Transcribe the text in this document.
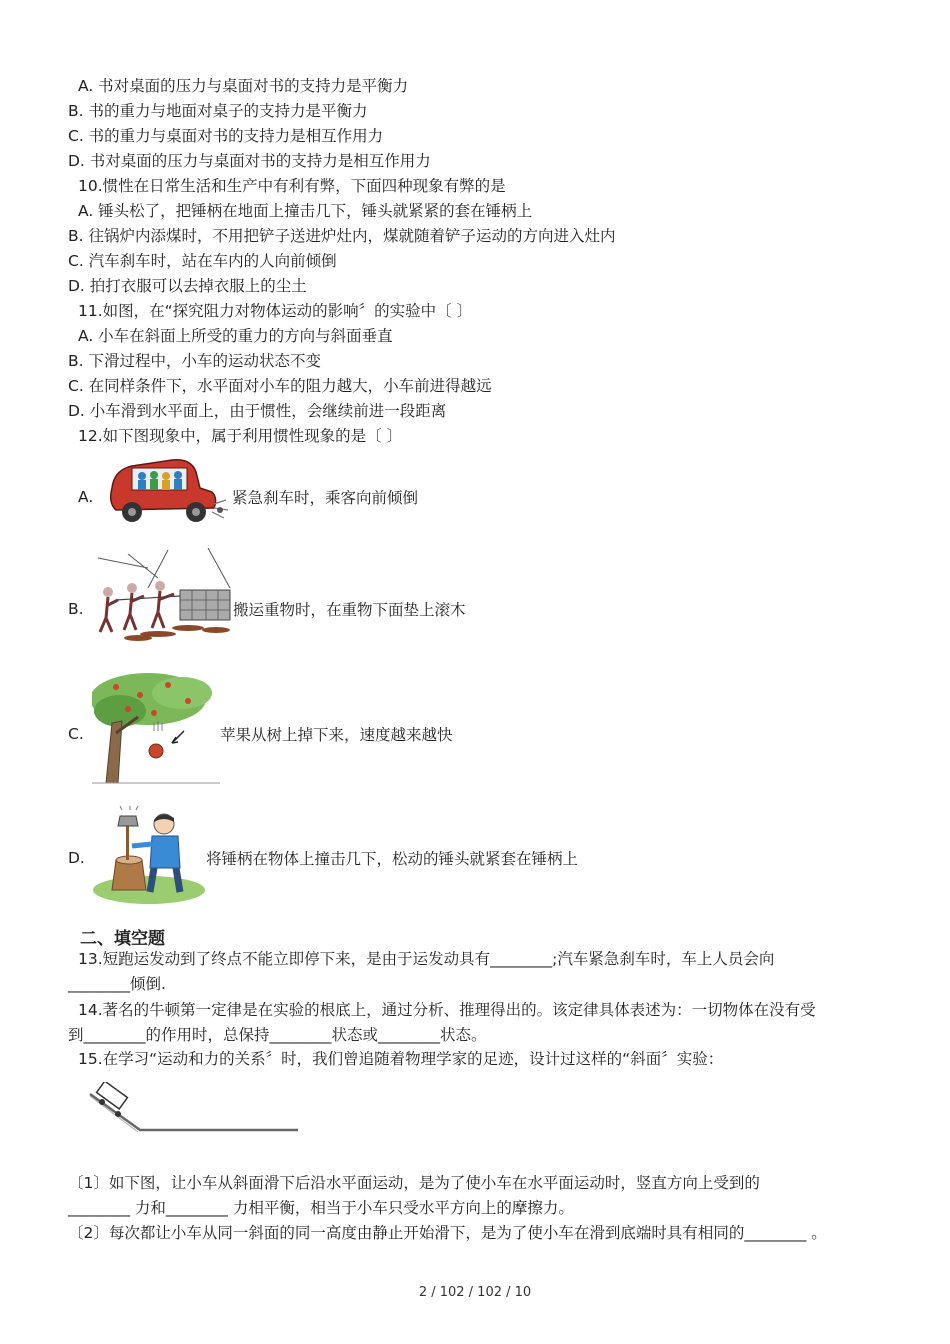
A. 书对桌面的压力与桌面对书的支持力是平衡力
B. 书的重力与地面对桌子的支持力是平衡力
C. 书的重力与桌面对书的支持力是相互作用力
D. 书对桌面的压力与桌面对书的支持力是相互作用力
10.惯性在日常生活和生产中有利有弊，下面四种现象有弊的是
A. 锤头松了，把锤柄在地面上撞击几下，锤头就紧紧的套在锤柄上
B. 往锅炉内添煤时，不用把铲子送进炉灶内，煤就随着铲子运动的方向进入灶内
C. 汽车刹车时，站在车内的人向前倾倒
D. 拍打衣服可以去掉衣服上的尘土
11.如图，在“探究阻力对物体运动的影响〞的实验中〔 〕
A. 小车在斜面上所受的重力的方向与斜面垂直
B. 下滑过程中，小车的运动状态不变
C. 在同样条件下，水平面对小车的阻力越大，小车前进得越远
D. 小车滑到水平面上，由于惯性，会继续前进一段距离
12.如下图现象中，属于利用惯性现象的是〔 〕
A.	紧急刹车时，乘客向前倾倒
B.	搬运重物时，在重物下面垫上滚木
C.	苹果从树上掉下来，速度越来越快
D.	将锤柄在物体上撞击几下，松动的锤头就紧套在锤柄上
二、填空题
13.短跑运发动到了终点不能立即停下来，是由于运发动具有________;汽车紧急刹车时，车上人员会向
________倾倒.
14.著名的牛顿第一定律是在实验的根底上，通过分析、推理得出的。该定律具体表述为：一切物体在没有受
到________的作用时，总保持________状态或________状态。
15.在学习“运动和力的关系〞时，我们曾追随着物理学家的足迹，设计过这样的“斜面〞实验：
〔1〕如下图，让小车从斜面滑下后沿水平面运动，是为了使小车在水平面运动时，竖直方向上受到的
________ 力和________ 力相平衡，相当于小车只受水平方向上的摩擦力。
〔2〕每次都让小车从同一斜面的同一高度由静止开始滑下，是为了使小车在滑到底端时具有相同的________ 。
2 / 102 / 102 / 10
